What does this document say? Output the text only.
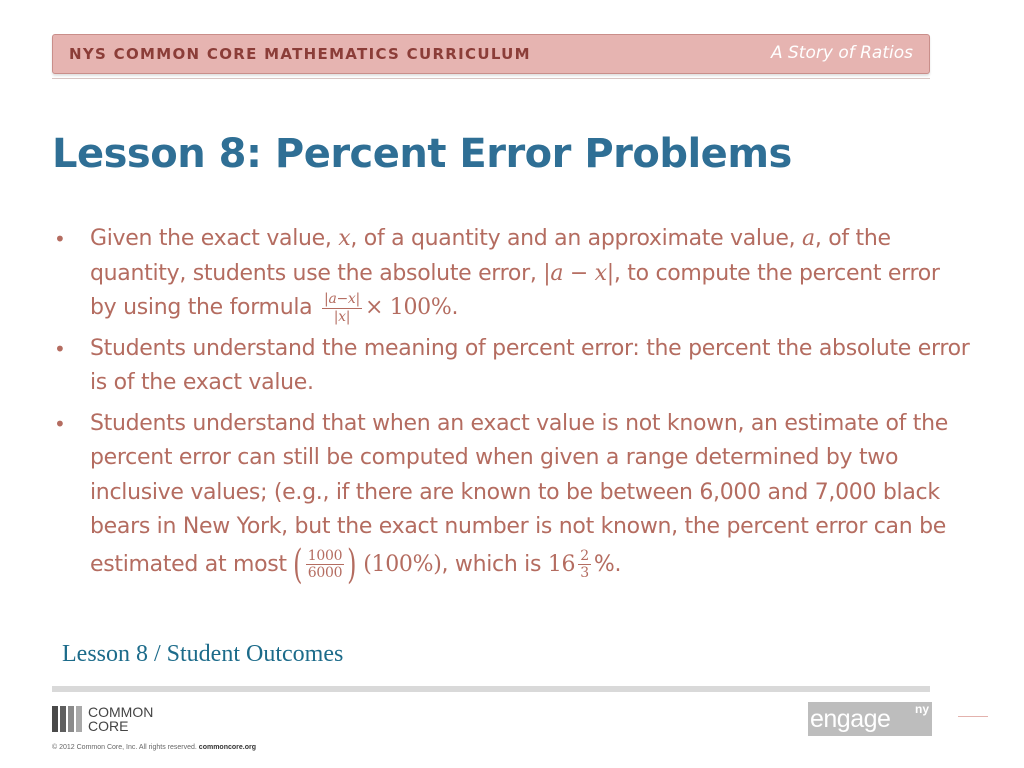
NYS COMMON CORE MATHEMATICS CURRICULUM	A Story of Ratios
Lesson 8: Percent Error Problems
• Given the exact value, x, of a quantity and an approximate value, a, of the quantity, students use the absolute error, |a − x|, to compute the percent error by using the formula $\frac{|a-x|}{|x|} \times 100\%$.
• Students understand the meaning of percent error: the percent the absolute error is of the exact value.
• Students understand that when an exact value is not known, an estimate of the percent error can still be computed when given a range determined by two inclusive values; (e.g., if there are known to be between 6,000 and 7,000 black bears in New York, but the exact number is not known, the percent error can be estimated at most ( $\frac{1000}{6000}$ ) (100%), which is $16 \frac{2}{3}$ %.
Lesson 8 / Student Outcomes
COMMON
CORE
© 2012 Common Core, Inc. All rights reserved. commoncore.org
engage ny
